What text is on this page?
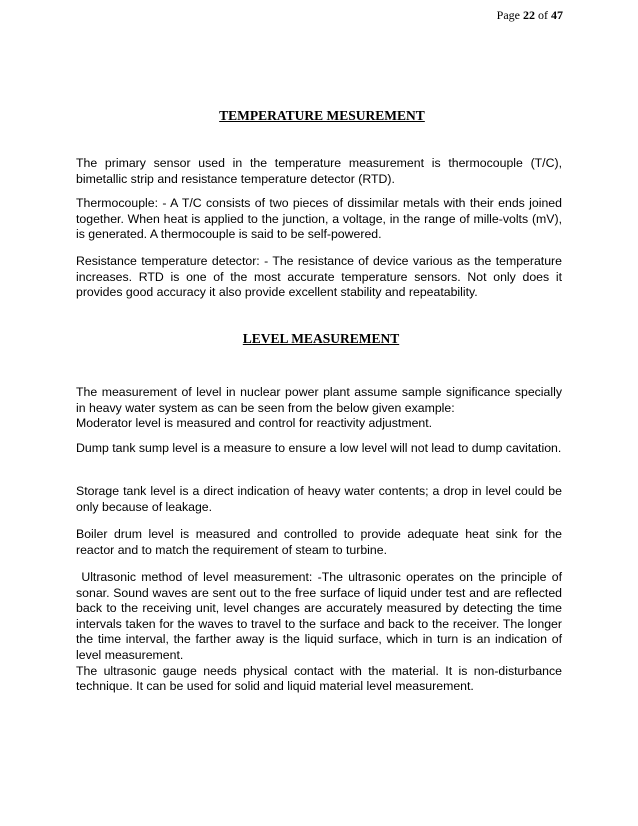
Page 22 of 47
TEMPERATURE MESUREMENT

The primary sensor used in the temperature measurement is thermocouple (T/C), bimetallic strip and resistance temperature detector (RTD).

Thermocouple: - A T/C consists of two pieces of dissimilar metals with their ends joined together. When heat is applied to the junction, a voltage, in the range of mille-volts (mV), is generated. A thermocouple is said to be self-powered.

Resistance temperature detector: - The resistance of device various as the temperature increases. RTD is one of the most accurate temperature sensors. Not only does it provides good accuracy it also provide excellent stability and repeatability.

LEVEL MEASUREMENT
The measurement of level in nuclear power plant assume sample significance specially in heavy water system as can be seen from the below given example:
Moderator level is measured and control for reactivity adjustment.

Dump tank sump level is a measure to ensure a low level will not lead to dump cavitation.

Storage tank level is a direct indication of heavy water contents; a drop in level could be only because of leakage.

Boiler drum level is measured and controlled to provide adequate heat sink for the reactor and to match the requirement of steam to turbine.

Ultrasonic method of level measurement: -The ultrasonic operates on the principle of sonar. Sound waves are sent out to the free surface of liquid under test and are reflected back to the receiving unit, level changes are accurately measured by detecting the time intervals taken for the waves to travel to the surface and back to the receiver. The longer the time interval, the farther away is the liquid surface, which in turn is an indication of level measurement.
The ultrasonic gauge needs physical contact with the material. It is non-disturbance technique. It can be used for solid and liquid material level measurement.
